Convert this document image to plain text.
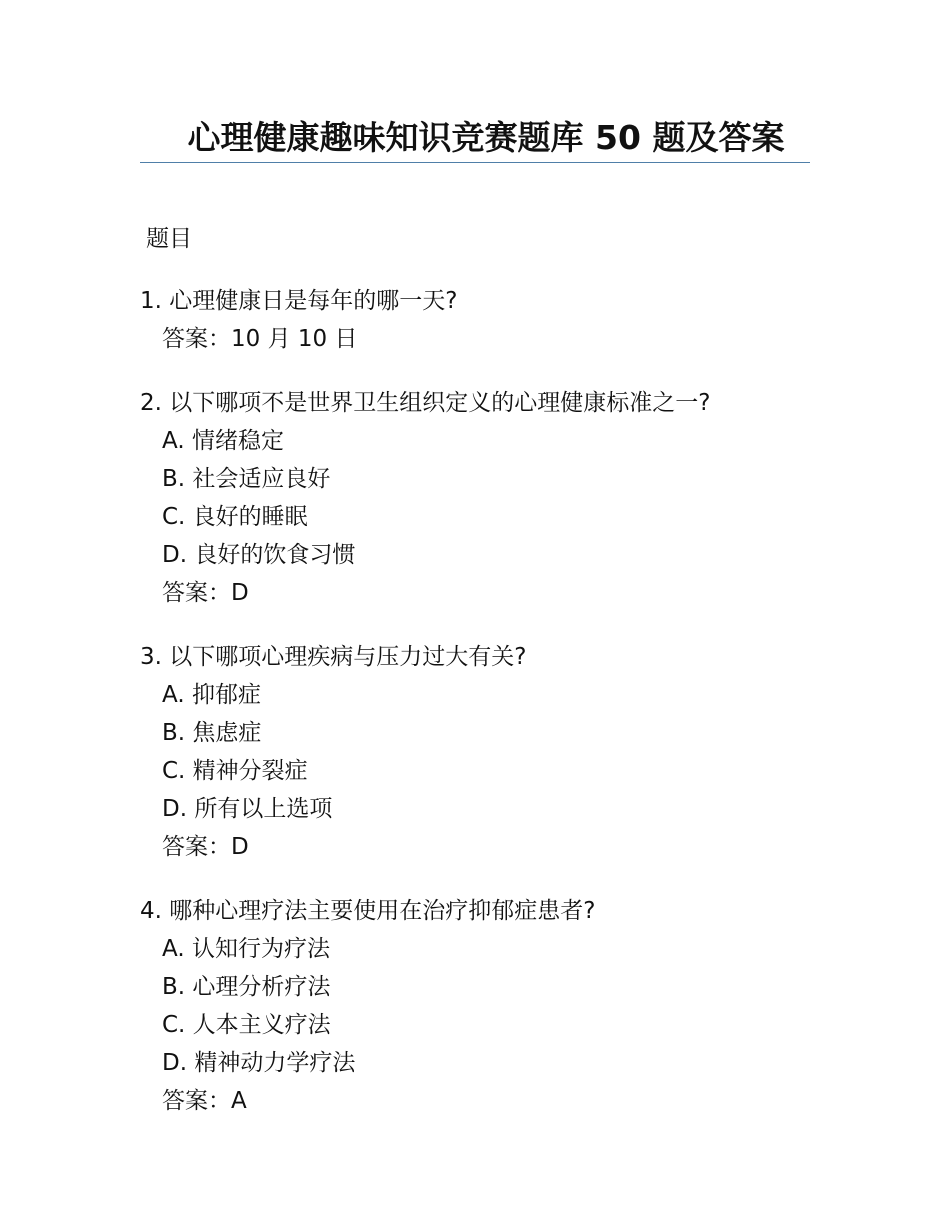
心理健康趣味知识竞赛题库 50 题及答案
题目
1. 心理健康日是每年的哪一天?
答案：10 月 10 日
2. 以下哪项不是世界卫生组织定义的心理健康标准之一?
A. 情绪稳定
B. 社会适应良好
C. 良好的睡眠
D. 良好的饮食习惯
答案：D
3. 以下哪项心理疾病与压力过大有关?
A. 抑郁症
B. 焦虑症
C. 精神分裂症
D. 所有以上选项
答案：D
4. 哪种心理疗法主要使用在治疗抑郁症患者?
A. 认知行为疗法
B. 心理分析疗法
C. 人本主义疗法
D. 精神动力学疗法
答案：A
